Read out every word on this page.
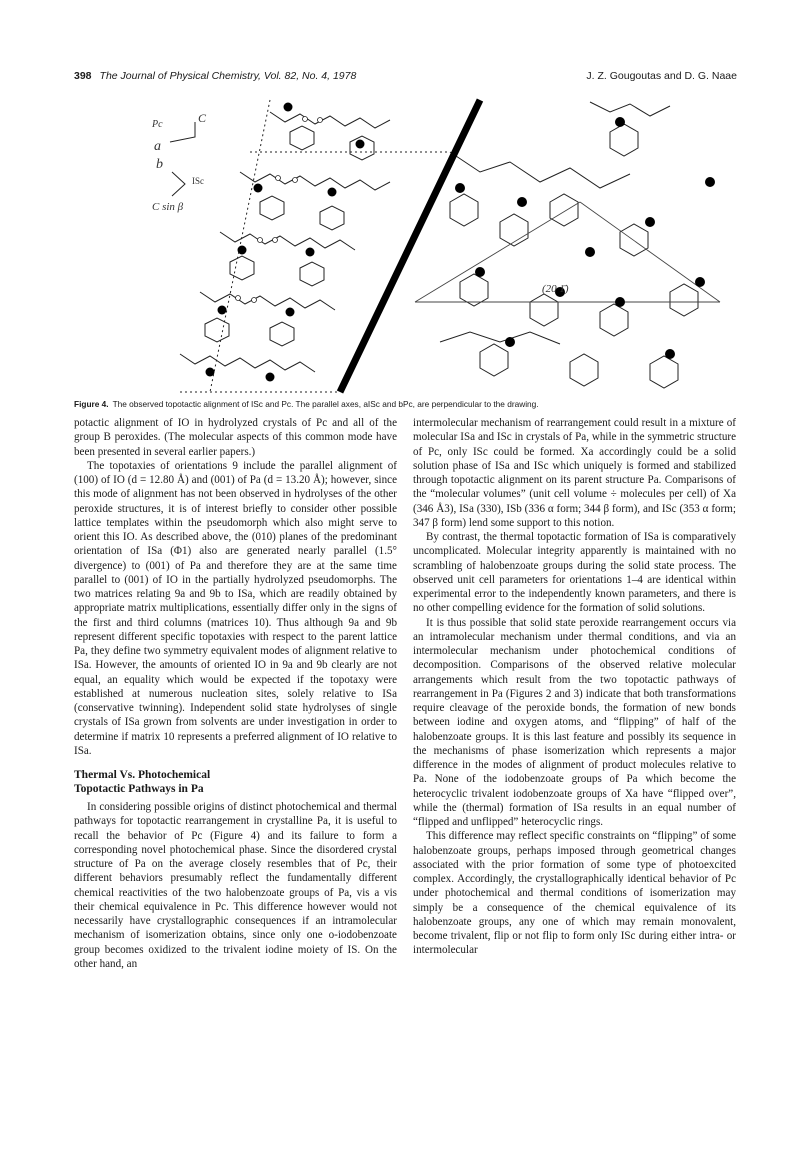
398 The Journal of Physical Chemistry, Vol. 82, No. 4, 1978	J. Z. Gougoutas and D. G. Naae
Pc	C
a
b
ISc
C sin β
(20 1̄)
Figure 4. The observed topotactic alignment of ISc and Pc. The parallel axes, aISc and bPc, are perpendicular to the drawing.

potactic alignment of IO in hydrolyzed crystals of Pc and all of the group B peroxides. (The molecular aspects of this common mode have been presented in several earlier papers.)

The topotaxies of orientations 9 include the parallel alignment of (100) of IO (d = 12.80 Å) and (001) of Pa (d = 13.20 Å); however, since this mode of alignment has not been observed in hydrolyses of the other peroxide structures, it is of interest briefly to consider other possible lattice templates within the pseudomorph which also might serve to orient this IO. As described above, the (010) planes of the predominant orientation of ISa (Φ1) also are generated nearly parallel (1.5° divergence) to (001) of Pa and therefore they are at the same time parallel to (001) of IO in the partially hydrolyzed pseudomorphs. The two matrices relating 9a and 9b to ISa, which are readily obtained by appropriate matrix multiplications, essentially differ only in the signs of the first and third columns (matrices 10). Thus although 9a and 9b represent different specific topotaxies with respect to the parent lattice Pa, they define two symmetry equivalent modes of alignment relative to ISa. However, the amounts of oriented IO in 9a and 9b clearly are not equal, an equality which would be expected if the topotaxy were established at numerous nucleation sites, solely relative to ISa (conservative twinning). Independent solid state hydrolyses of single crystals of ISa grown from solvents are under investigation in order to determine if matrix 10 represents a preferred alignment of IO relative to ISa.

Thermal Vs. Photochemical
Topotactic Pathways in Pa

In considering possible origins of distinct photochemical and thermal pathways for topotactic rearrangement in crystalline Pa, it is useful to recall the behavior of Pc (Figure 4) and its failure to form a corresponding novel photochemical phase. Since the disordered crystal structure of Pa on the average closely resembles that of Pc, their different behaviors presumably reflect the fundamentally different chemical reactivities of the two halobenzoate groups of Pa, vis a vis their chemical equivalence in Pc. This difference however would not necessarily have crystallographic consequences if an intramolecular mechanism of isomerization obtains, since only one o-iodobenzoate group becomes oxidized to the trivalent iodine moiety of IS. On the other hand, an

intermolecular mechanism of rearrangement could result in a mixture of molecular ISa and ISc in crystals of Pa, while in the symmetric structure of Pc, only ISc could be formed. Xa accordingly could be a solid solution phase of ISa and ISc which uniquely is formed and stabilized through topotactic alignment on its parent structure Pa. Comparisons of the “molecular volumes” (unit cell volume ÷ molecules per cell) of Xa (346 Å3), ISa (330), ISb (336 α form; 344 β form), and ISc (353 α form; 347 β form) lend some support to this notion.

By contrast, the thermal topotactic formation of ISa is comparatively uncomplicated. Molecular integrity apparently is maintained with no scrambling of halobenzoate groups during the solid state process. The observed unit cell parameters for orientations 1–4 are identical within experimental error to the independently known parameters, and there is no other compelling evidence for the formation of solid solutions.

It is thus possible that solid state peroxide rearrangement occurs via an intramolecular mechanism under thermal conditions, and via an intermolecular mechanism under photochemical conditions of decomposition. Comparisons of the observed relative molecular arrangements which result from the two topotactic pathways of rearrangement in Pa (Figures 2 and 3) indicate that both transformations require cleavage of the peroxide bonds, the formation of new bonds between iodine and oxygen atoms, and “flipping” of half of the halobenzoate groups. It is this last feature and possibly its sequence in the mechanisms of phase isomerization which represents a major difference in the modes of alignment of product molecules relative to Pa. None of the iodobenzoate groups of Pa which become the heterocyclic trivalent iodobenzoate groups of Xa have “flipped over”, while the (thermal) formation of ISa results in an equal number of “flipped and unflipped” heterocyclic rings.

This difference may reflect specific constraints on “flipping” of some halobenzoate groups, perhaps imposed through geometrical changes associated with the prior formation of some type of photoexcited complex. Accordingly, the crystallographically identical behavior of Pc under photochemical and thermal conditions of isomerization may simply be a consequence of the chemical equivalence of its halobenzoate groups, any one of which may remain monovalent, become trivalent, flip or not flip to form only ISc during either intra- or intermolecular
